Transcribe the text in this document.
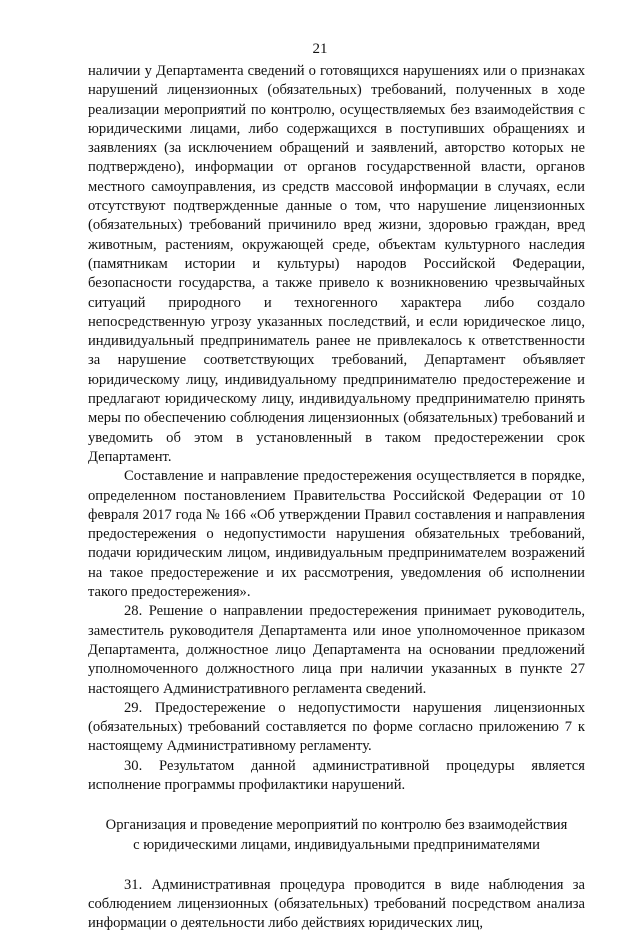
21

наличии у Департамента сведений о готовящихся нарушениях или о признаках нарушений лицензионных (обязательных) требований, полученных в ходе реализации мероприятий по контролю, осуществляемых без взаимодействия с юридическими лицами, либо содержащихся в поступивших обращениях и заявлениях (за исключением обращений и заявлений, авторство которых не подтверждено), информации от органов государственной власти, органов местного самоуправления, из средств массовой информации в случаях, если отсутствуют подтвержденные данные о том, что нарушение лицензионных (обязательных) требований причинило вред жизни, здоровью граждан, вред животным, растениям, окружающей среде, объектам культурного наследия (памятникам истории и культуры) народов Российской Федерации, безопасности государства, а также привело к возникновению чрезвычайных ситуаций природного и техногенного характера либо создало непосредственную угрозу указанных последствий, и если юридическое лицо, индивидуальный предприниматель ранее не привлекалось к ответственности за нарушение соответствующих требований, Департамент объявляет юридическому лицу, индивидуальному предпринимателю предостережение и предлагают юридическому лицу, индивидуальному предпринимателю принять меры по обеспечению соблюдения лицензионных (обязательных) требований и уведомить об этом в установленный в таком предостережении срок Департамент.

Составление и направление предостережения осуществляется в порядке, определенном постановлением Правительства Российской Федерации от 10 февраля 2017 года № 166 «Об утверждении Правил составления и направления предостережения о недопустимости нарушения обязательных требований, подачи юридическим лицом, индивидуальным предпринимателем возражений на такое предостережение и их рассмотрения, уведомления об исполнении такого предостережения».

28. Решение о направлении предостережения принимает руководитель, заместитель руководителя Департамента или иное уполномоченное приказом Департамента, должностное лицо Департамента на основании предложений уполномоченного должностного лица при наличии указанных в пункте 27 настоящего Административного регламента сведений.

29. Предостережение о недопустимости нарушения лицензионных (обязательных) требований составляется по форме согласно приложению 7 к настоящему Административному регламенту.

30. Результатом данной административной процедуры является исполнение программы профилактики нарушений.

Организация и проведение мероприятий по контролю без взаимодействия
с юридическими лицами, индивидуальными предпринимателями

31. Административная процедура проводится в виде наблюдения за соблюдением лицензионных (обязательных) требований посредством анализа информации о деятельности либо действиях юридических лиц,
